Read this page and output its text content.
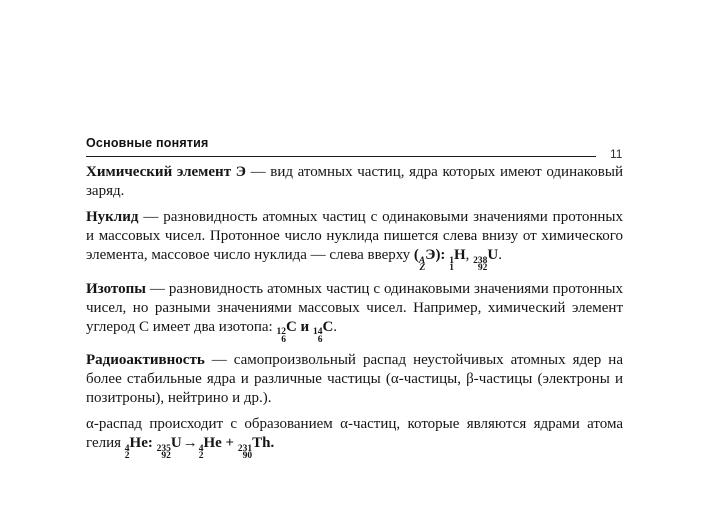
Основные понятия
11

Химический элемент Э — вид атомных частиц, ядра которых имеют одинаковый заряд.

Нуклид — разновидность атомных частиц с одинаковыми значениями протонных и массовых чисел. Протонное число нуклида пишется слева внизу от химического элемента, массовое число нуклида — слева вверху ( A
Z
Э): 1
1
H, 238
92
U.

Изотопы — разновидность атомных частиц с одинаковыми значениями протонных чисел, но разными значениями массовых чисел. Например, химический элемент углерод C имеет два изотопа: 12
6
C и 14
6
C.

Радиоактивность — самопроизвольный распад неустойчивых атомных ядер на более стабильные ядра и различные частицы (α-частицы, β-частицы (электроны и позитроны), нейтрино и др.).

α-распад происходит с образованием α-частиц, которые являются ядрами атома гелия 4
2
He: 235
92
U→ 4
2
He + 231
90
Th.
